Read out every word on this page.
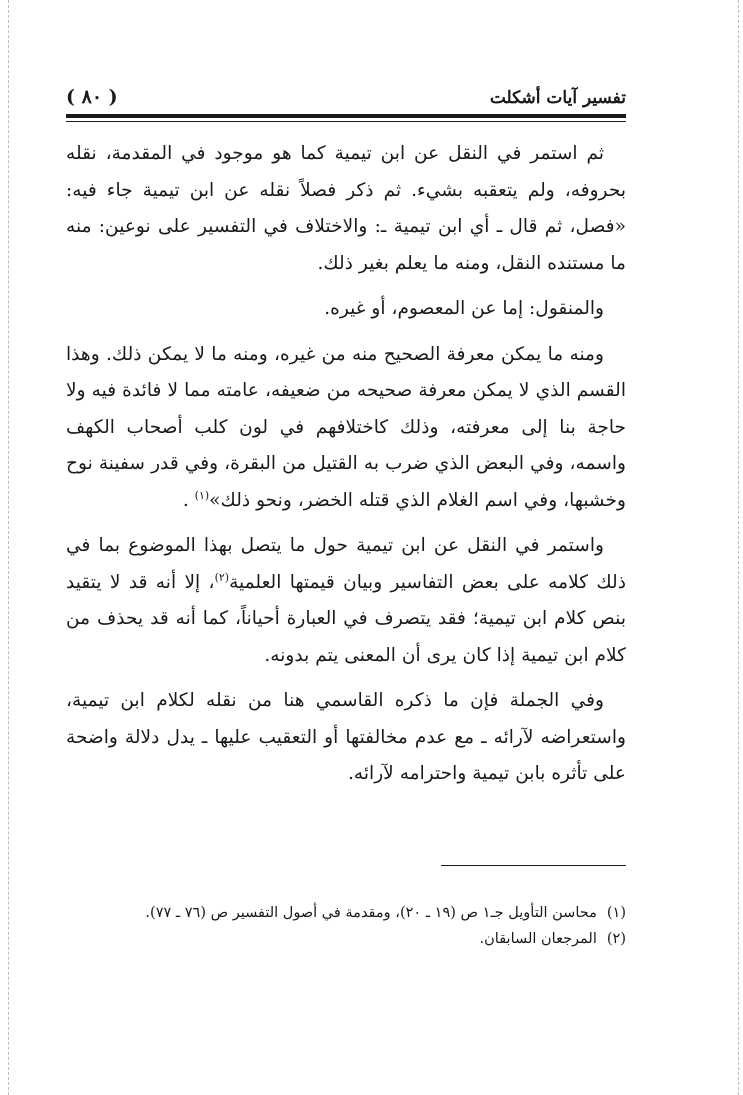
تفسير آيات أشكلت
( ٨٠ )

ثم استمر في النقل عن ابن تيمية كما هو موجود في المقدمة، نقله بحروفه، ولم يتعقبه بشيء. ثم ذكر فصلاً نقله عن ابن تيمية جاء فيه: «فصل، ثم قال ـ أي ابن تيمية ـ: والاختلاف في التفسير على نوعين: منه ما مستنده النقل، ومنه ما يعلم بغير ذلك.

والمنقول: إما عن المعصوم، أو غيره.

ومنه ما يمكن معرفة الصحيح منه من غيره، ومنه ما لا يمكن ذلك. وهذا القسم الذي لا يمكن معرفة صحيحه من ضعيفه، عامته مما لا فائدة فيه ولا حاجة بنا إلى معرفته، وذلك كاختلافهم في لون كلب أصحاب الكهف واسمه، وفي البعض الذي ضرب به القتيل من البقرة، وفي قدر سفينة نوح وخشبها، وفي اسم الغلام الذي قتله الخضر، ونحو ذلك»$^{(١)}$ .

واستمر في النقل عن ابن تيمية حول ما يتصل بهذا الموضوع بما في ذلك كلامه على بعض التفاسير وبيان قيمتها العلمية$^{(٢)}$، إلا أنه قد لا يتقيد بنص كلام ابن تيمية؛ فقد يتصرف في العبارة أحياناً، كما أنه قد يحذف من كلام ابن تيمية إذا كان يرى أن المعنى يتم بدونه.

وفي الجملة فإن ما ذكره القاسمي هنا من نقله لكلام ابن تيمية، واستعراضه لآرائه ـ مع عدم مخالفتها أو التعقيب عليها ـ يدل دلالة واضحة على تأثره بابن تيمية واحترامه لآرائه.

(١)محاسن التأويل جـ١ ص (١٩ ـ ٢٠)، ومقدمة في أصول التفسير ص (٧٦ ـ ٧٧).

(٢)المرجعان السابقان.
